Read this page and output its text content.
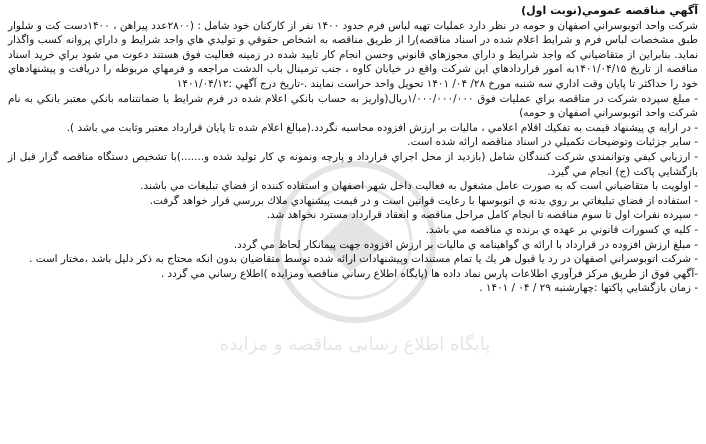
آگهي مناقصه عمومي(نوبت اول)

شركت واحد اتوبوسراني اصفهان و حومه در نظر دارد عمليات تهيه لباس فرم حدود ۱۴۰۰ نفر از كاركنان خود شامل : (۲۸۰۰عدد پيراهن ، ۱۴۰۰دست كت و شلوار طبق مشخصات لباس فرم و شرايط اعلام شده در اسناد مناقصه)را از طريق مناقصه به اشخاص حقوقي و توليدي هاي واجد شرايط و داراي پروانه كسب واگذار نمايد. بنابراين از متقاضياني كه واجد شرايط و داراي مجوزهاي قانوني وحسن انجام كار تاييد شده در زمينه فعاليت فوق هستند دعوت مي شود براي خريد اسناد مناقصه از تاريخ ۱۴۰۱/۰۴/۱۵به امور قراردادهاي اين شركت واقع در خيابان كاوه ، جنب ترمينال باب الدشت مراجعه و فرمهاي مربوطه را دريافت و پيشنهادهاي خود را حداكثر تا پايان وقت اداري سه شنبه مورخ ۲۸/ ۰۴/ ۱۴۰۱ تحويل واحد حراست نمايند .-تاريخ درج آگهي :۱۴۰۱/۰۴/۱۲

- مبلغ سپرده شركت در مناقصه براي عمليات فوق ۱/۰۰۰/۰۰۰/۰۰۰ريال(واريز به حساب بانكي اعلام شده در فرم شرايط يا ضمانتنامه بانكي معتبر بانكي به نام شركت واحد اتوبوسراني اصفهان و حومه)

- در ارايه ي پيشنهاد قيمت به تفكيك اقلام اعلامي ، ماليات بر ارزش افزوده محاسبه نگردد.(مبالغ اعلام شده تا پايان قرارداد معتبر وثابت مي باشد ).

- ساير جزئيات وتوضيحات تكميلي در اسناد مناقصه ارائه شده است.

- ارزيابي كيفي وتوانمندي شركت كنندگان شامل (بازديد از محل اجراي قرارداد و پارچه ونمونه ي كار توليد شده و.......)با تشخيص دستگاه مناقصه گزار قبل از بازگشايي پاكت (ج) انجام مي گيرد.

- اولويت با متقاضياني است كه به صورت عامل مشغول به فعاليت داخل شهر اصفهان و استفاده كننده از فضاي تبليغات مي باشند.

- استفاده از فضاي تبليغاتي بر روي بدنه ي اتوبوسها با رعايت قوانين است و در قيمت پيشنهادي ملاك بررسي قرار خواهد گرفت.

- سپرده نفرات اول تا سوم مناقصه تا انجام كامل مراحل مناقصه و انعقاد قرارداد مسترد نخواهد شد.

- كليه ي كسورات قانوني بر عهده ي برنده ي مناقصه مي باشد.

- مبلغ ارزش افزوده در قرارداد با ارائه ي گواهينامه ي ماليات بر ارزش افزوده جهت پيمانكار لحاظ مي گردد.

- شركت اتوبوسراني اصفهان در رد يا قبول هر يك يا تمام مستندات وپيشنهادات ارائه شده توسط متقاضيان بدون انكه محتاج به ذكر دليل باشد ،مختار است .

-آگهي فوق از طريق مركز فرآوري اطلاعات پارس نماد داده ها (پايگاه اطلاع رساني مناقصه ومزايده )اطلاع رساني مي گردد .

- زمان بازگشايي پاكتها :چهارشنبه ۲۹ / ۰۴ / ۱۴۰۱ .

پایگاه اطلاع رسانی مناقصه و مزایده
